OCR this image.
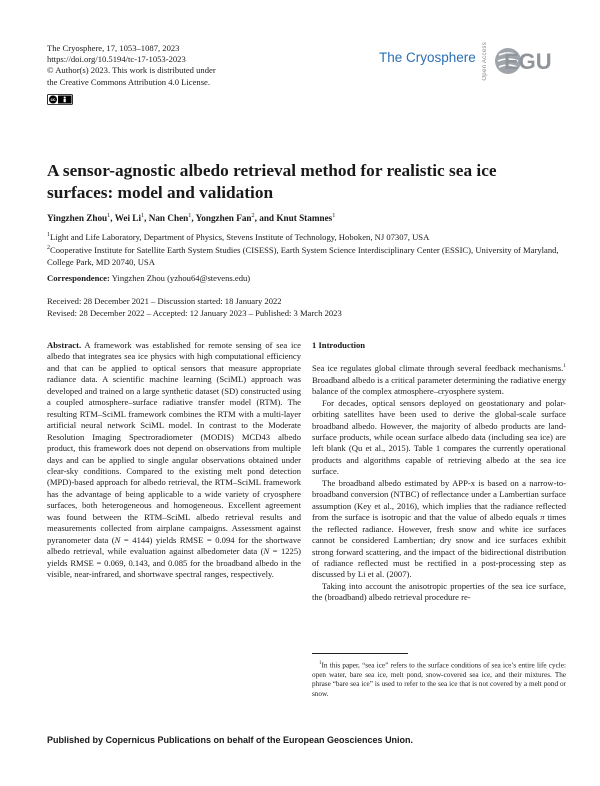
The Cryosphere, 17, 1053–1087, 2023
https://doi.org/10.5194/tc-17-1053-2023
© Author(s) 2023. This work is distributed under
the Creative Commons Attribution 4.0 License.
cc
The Cryosphere Open Access EGU
A sensor-agnostic albedo retrieval method for realistic sea ice surfaces: model and validation
Yingzhen Zhou$^1$, Wei Li$^1$, Nan Chen$^1$, Yongzhen Fan$^2$, and Knut Stamnes$^1$

$^1$Light and Life Laboratory, Department of Physics, Stevens Institute of Technology, Hoboken, NJ 07307, USA

$^2$Cooperative Institute for Satellite Earth System Studies (CISESS), Earth System Science Interdisciplinary Center (ESSIC), University of Maryland, College Park, MD 20740, USA

Correspondence: Yingzhen Zhou (yzhou64@stevens.edu)

Received: 28 December 2021 – Discussion started: 18 January 2022
Revised: 28 December 2022 – Accepted: 12 January 2023 – Published: 3 March 2023

Abstract. A framework was established for remote sensing of sea ice albedo that integrates sea ice physics with high computational efficiency and that can be applied to optical sensors that measure appropriate radiance data. A scientific machine learning (SciML) approach was developed and trained on a large synthetic dataset (SD) constructed using a coupled atmosphere–surface radiative transfer model (RTM). The resulting RTM–SciML framework combines the RTM with a multi-layer artificial neural network SciML model. In contrast to the Moderate Resolution Imaging Spectroradiometer (MODIS) MCD43 albedo product, this framework does not depend on observations from multiple days and can be applied to single angular observations obtained under clear-sky conditions. Compared to the existing melt pond detection (MPD)-based approach for albedo retrieval, the RTM–SciML framework has the advantage of being applicable to a wide variety of cryosphere surfaces, both heterogeneous and homogeneous. Excellent agreement was found between the RTM–SciML albedo retrieval results and measurements collected from airplane campaigns. Assessment against pyranometer data (N = 4144) yields RMSE = 0.094 for the shortwave albedo retrieval, while evaluation against albedometer data (N = 1225) yields RMSE = 0.069, 0.143, and 0.085 for the broadband albedo in the visible, near-infrared, and shortwave spectral ranges, respectively.

1 Introduction

Sea ice regulates global climate through several feedback mechanisms.$^1$ Broadband albedo is a critical parameter determining the radiative energy balance of the complex atmosphere–cryosphere system.

For decades, optical sensors deployed on geostationary and polar-orbiting satellites have been used to derive the global-scale surface broadband albedo. However, the majority of albedo products are land-surface products, while ocean surface albedo data (including sea ice) are left blank (Qu et al., 2015). Table 1 compares the currently operational products and algorithms capable of retrieving albedo at the sea ice surface.

The broadband albedo estimated by APP-x is based on a narrow-to-broadband conversion (NTBC) of reflectance under a Lambertian surface assumption (Key et al., 2016), which implies that the radiance reflected from the surface is isotropic and that the value of albedo equals π times the reflected radiance. However, fresh snow and white ice surfaces cannot be considered Lambertian; dry snow and ice surfaces exhibit strong forward scattering, and the impact of the bidirectional distribution of radiance reflected must be rectified in a post-processing step as discussed by Li et al. (2007).

Taking into account the anisotropic properties of the sea ice surface, the (broadband) albedo retrieval procedure re-

$^1$In this paper, “sea ice” refers to the surface conditions of sea ice’s entire life cycle: open water, bare sea ice, melt pond, snow-covered sea ice, and their mixtures. The phrase “bare sea ice” is used to refer to the sea ice that is not covered by a melt pond or snow.

Published by Copernicus Publications on behalf of the European Geosciences Union.
